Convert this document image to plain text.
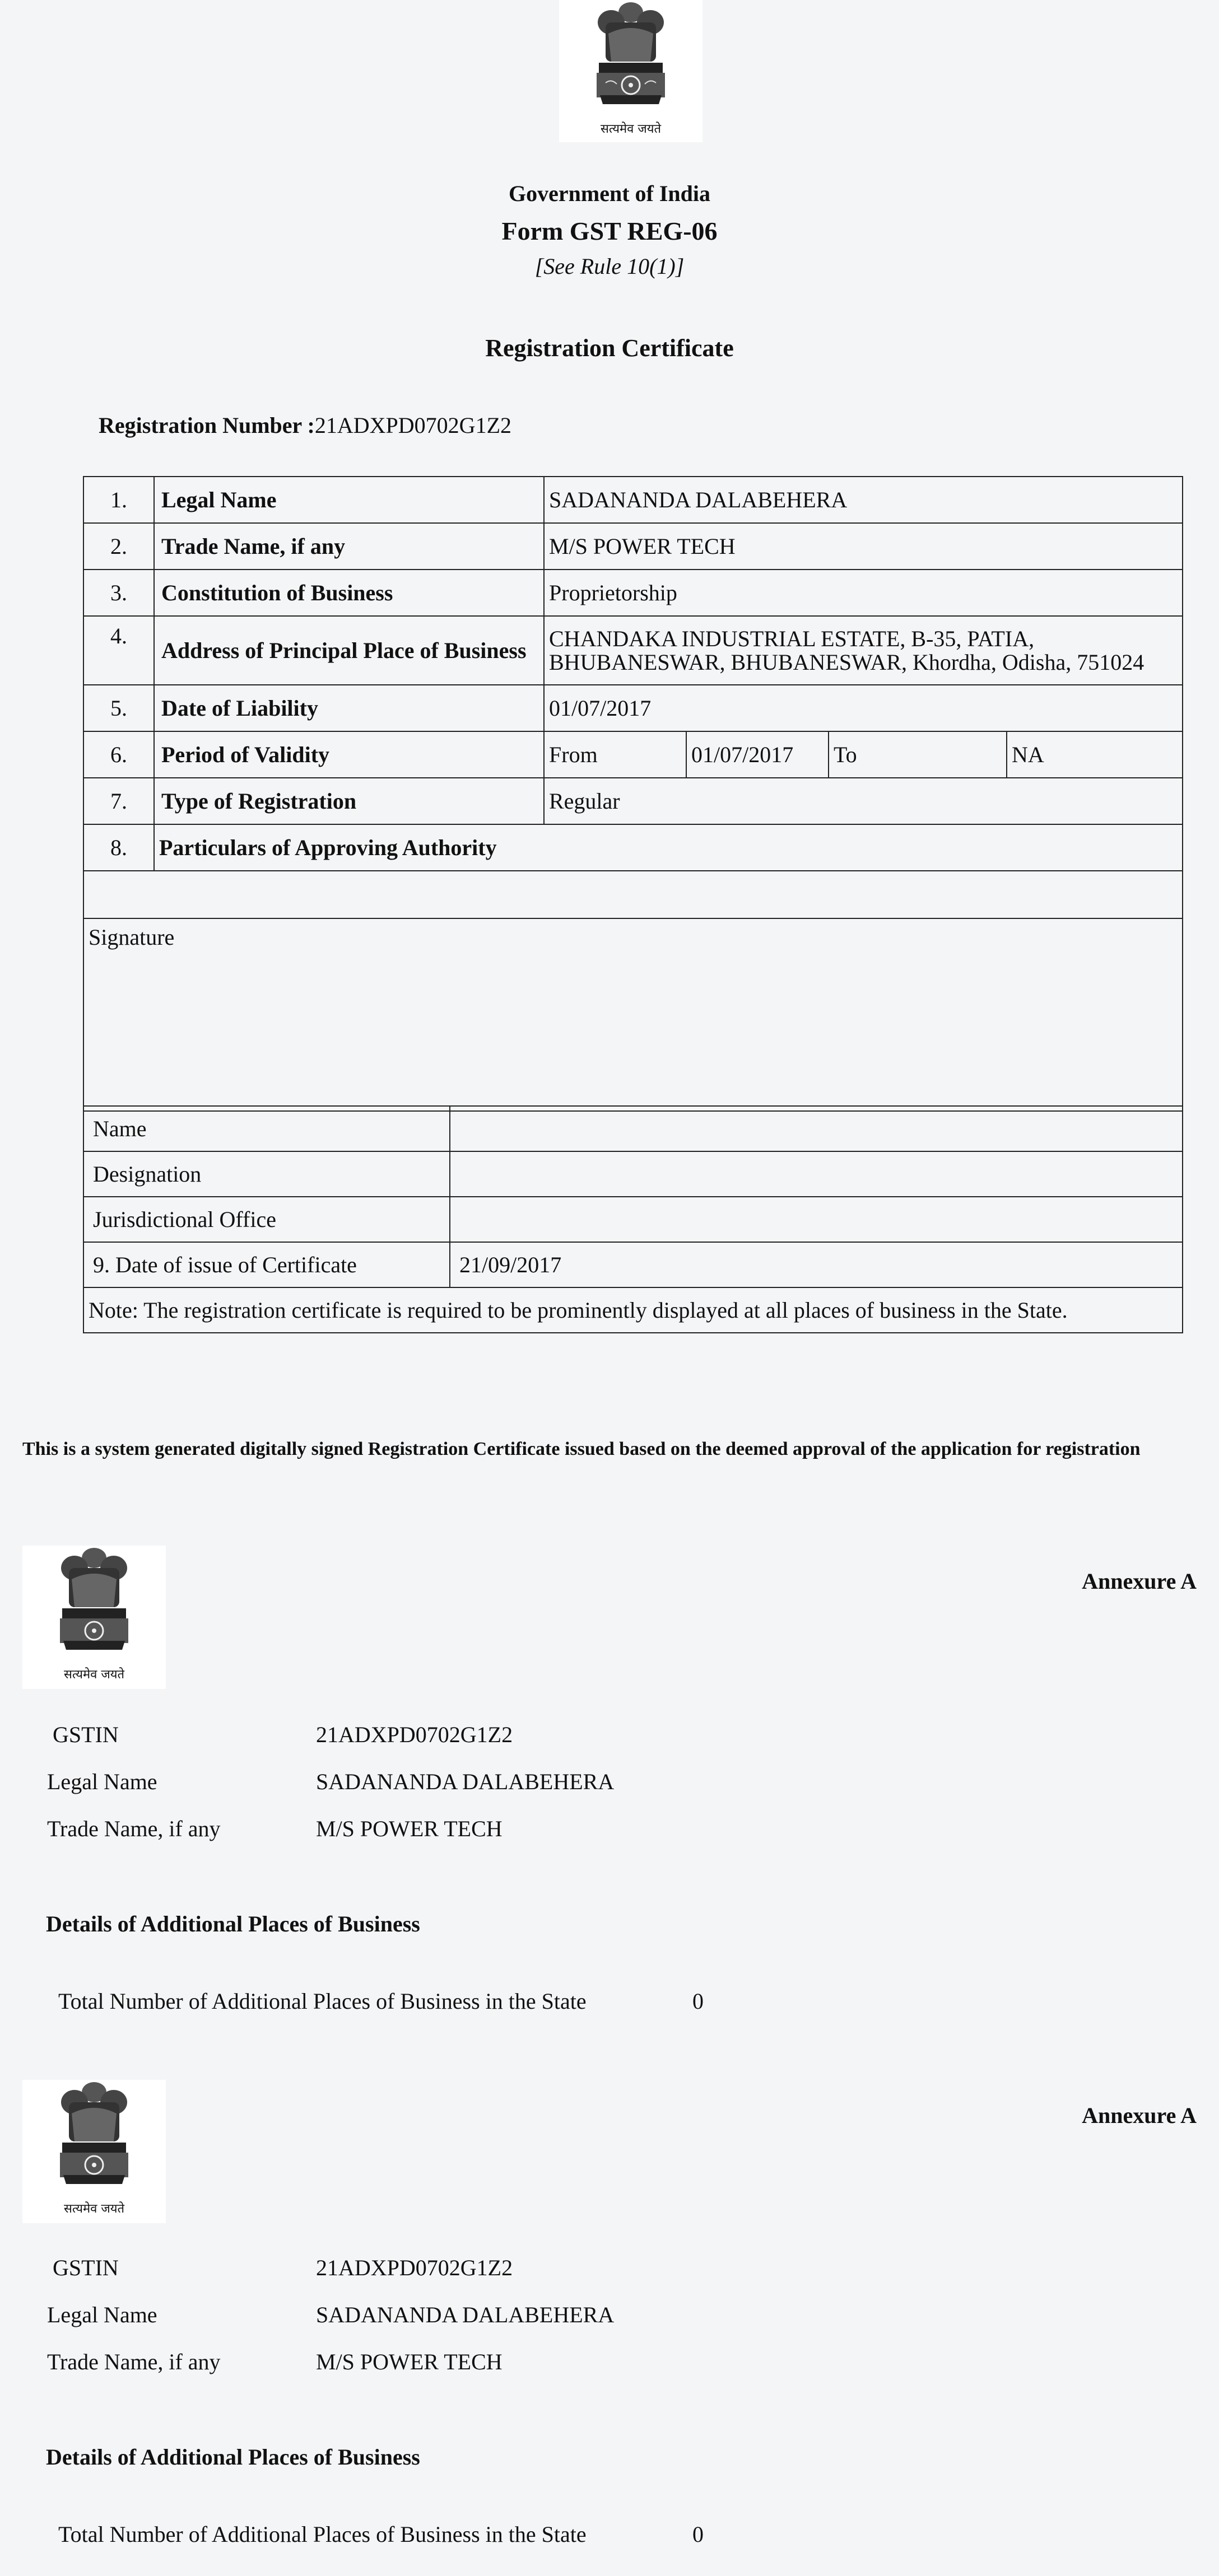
सत्यमेव जयते
Government of India
Form GST REG-06
[See Rule 10(1)]
Registration Certificate
Registration Number :21ADXPD0702G1Z2
1.	Legal Name	SADANANDA DALABEHERA			
2.	Trade Name, if any	M/S POWER TECH			
3.	Constitution of Business	Proprietorship			
4.	Address of Principal Place of Business	CHANDAKA INDUSTRIAL ESTATE, B-35, PATIA, BHUBANESWAR, BHUBANESWAR, Khordha, Odisha, 751024			
5.	Date of Liability	01/07/2017			
6.	Period of Validity	From	01/07/2017	To	NA
7.	Type of Registration	Regular			
8.	Particulars of Approving Authority				

Signature					
Name	
Designation	
Jurisdictional Office	
9. Date of issue of Certificate	21/09/2017
Note: The registration certificate is required to be prominently displayed at all places of business in the State.	
This is a system generated digitally signed Registration Certificate issued based on the deemed approval of the application for registration
सत्यमेव जयते
Annexure A
GSTIN	21ADXPD0702G1Z2
Legal Name	SADANANDA DALABEHERA
Trade Name, if any	M/S POWER TECH
Details of Additional Places of Business
Total Number of Additional Places of Business in the State	0
सत्यमेव जयते
Annexure A
GSTIN	21ADXPD0702G1Z2
Legal Name	SADANANDA DALABEHERA
Trade Name, if any	M/S POWER TECH
Details of Additional Places of Business
Total Number of Additional Places of Business in the State	0
